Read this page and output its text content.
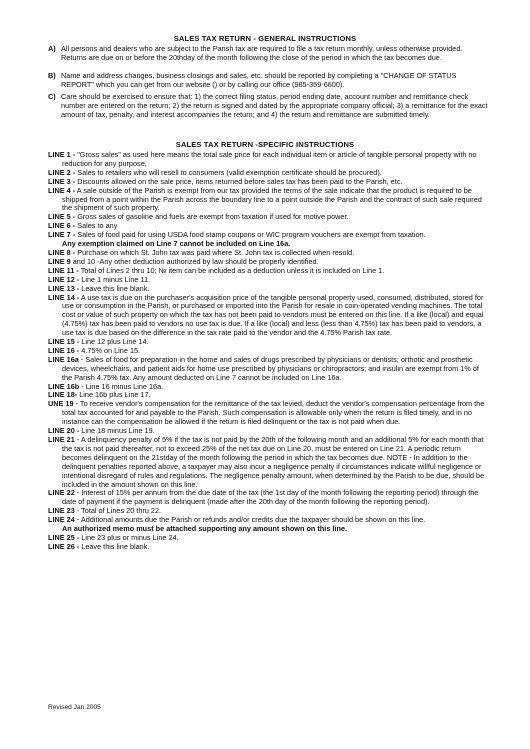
SALES TAX RETURN - GENERAL INSTRUCTIONS
A) All persons and dealers who are subject to the Parish tax are required to file a tax return monthly, unless otherwise provided. Returns are due on or before the 20thday of the month following the close of the period in which the tax becomes due.
B) Name and address changes, business closings and sales, etc. should be reported by completing a "CHANGE OF STATUS REPORT" which you can get from our website () or by calling our office (985-359-6600).
C) Care should be exercised to ensure that: 1) the correct filing status, period ending date, account number and remittance check number are entered on the return; 2) the return is signed and dated by the appropriate company official; 3) a remittance for the exact amount of tax, penalty, and interest accompanies the return; and 4) the return and remittance are submitted timely.
SALES TAX RETURN -SPECIFIC INSTRUCTIONS
LINE 1 - "Gross sales" as used here means the total sale price for each individual item or article of tangible personal property with no reduction for any purpose.
LINE 2 - Sales to retailers who will resell to consumers (valid exemption certificate should be procured).
LINE 3 - Discounts allowed on the sale price, items returned before sales tax has been paid to the Parish, etc.
LINE 4 - A sale outside of the Parish is exempt from our tax provided the terms of the sale indicate that the product is required to be shipped from a point within the Parish across the boundary line to a point outside the Parish and the contract of such sale required the shipment of such property.
LINE 5 - Gross sales of gasoline and fuels are exempt from taxation if used for motive power.
LINE 6 - Sales to any
LINE 7 - Sales of food paid for using USDA food stamp coupons or WIC program vouchers are exempt from taxation.
Any exemption claimed on Line 7 cannot be included on Line 16a.
LINE 8 - Purchase on which St. John tax was paid where St. John tax is collected when resold.
LINE 9 and 10 -Any other deduction authorized by law should be properly identified.
LINE 11 - Total of Lines 2 thru 10; № item can be included as a deduction unless it is included on Line 1.
LINE 12 - Line 1 minus Line 11.
LINE 13 - Leave this line blank.
LINE 14 - A use tax is due on the purchaser's acquisition price of the tangible personal property used, consumed, distributed, stored for use or consumption in the Parish, or purchased or imported into the Parish for resale in coin-operated vending machines. The total cost or value of such property on which the tax has not been paid to vendors must be entered on this line. If a like (local) and equal (4.75%) tax has been paid to vendors no use tax is due. If a like (local) and less (less than 4.75%) tax has been paid to vendors, a use tax is due based on the difference in the tax rate paid to the vendor and the 4.75% Parish tax rate.
LINE 15 - Line 12 plus Line 14.
LINE 16 - 4.75% on Line 15.
LINE 16a - Sales of food for preparation in the home and sales of drugs prescribed by physicians or dentists; orthotic and prosthetic devices, wheelchairs, and patient aids for home use prescribed by physicians or chiropractors; and insulin are exempt from 1% of the Parish 4.75% tax. Any amount deducted on Line 7 cannot be included on Line 16a.
LINE 16b - Line 16 minus Line 16a.
LINE 18- Line 16b plus Line 17.
UNE 19 - To receive vendor's compensation for the remittance of the tax levied, deduct the vendor's compensation percentage from the total tax accounted for and payable to the Parish. Such compensation is allowable only when the return is filed timely, and in no instance can the compensation be allowed if the return is filed delinquent or the tax is not paid when due.
LINE 20 - Line 18 minus Line 19.
LINE 21 - A delinquency penalty of 5% if the tax is not paid by the 20th of the following month and an additional 5% for each month that the tax is not paid thereafter, not to exceed 25% of the net tax due on Line 20, must be entered on Line 21. A periodic return becomes delinquent on the 21stday of the month following the period in which the tax becomes due. NOTE - In addition to the delinquent penalties reported above, a taxpayer may also incur a negligence penalty if circumstances indicate willful negligence or intentional disregard of rules and regulations. The negligence penalty amount, when determined by the Parish to be due, should be included in the amount shown on this line.
LINE 22 - Interest of 15% per annum from the due date of the tax (the 1st day of the month following the reporting period) through the date of payment if the payment is delinquent (made after the 20th day of the month following the reporting period).
LINE 23 - Total of Lines 20 thru 22.
LINE 24 - Additional amounts due the Parish or refunds and/or credits due the taxpayer should be shown on this line.
An authorized memo must be attached supporting any amount shown on this line.
LINE 25 - Line 23 plus or minus Line 24.
LINE 26 - Leave this line blank.
Revised Jan 2005
